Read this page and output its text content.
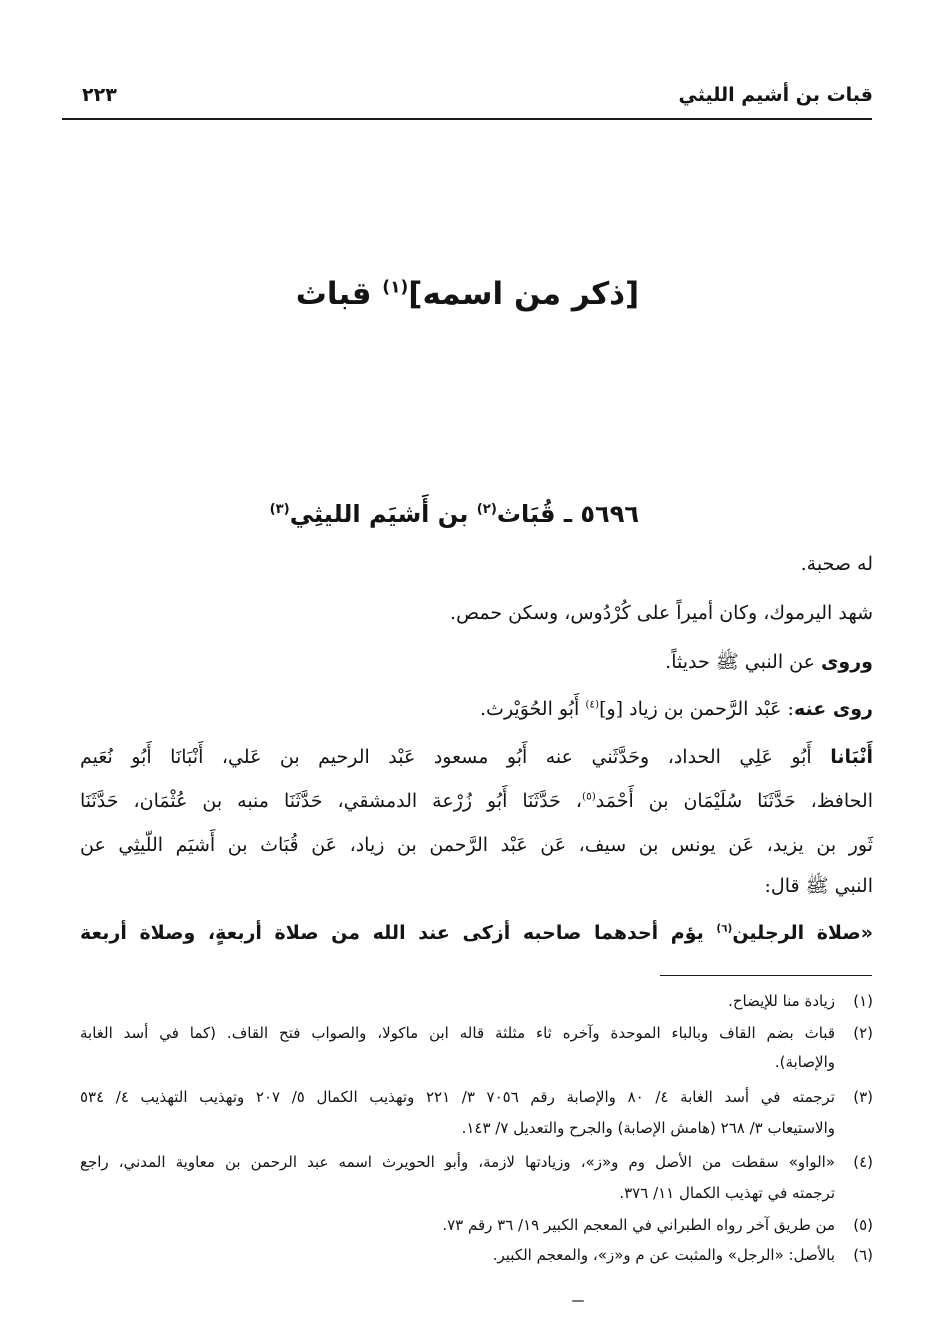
قبات بن أشيم الليثي
٢٢٣
[ذكر من اسمه]$^{(١)}$ قباث
٥٦٩٦ ـ قُبَاث$^{(٢)}$ بن أَشيَم الليثِي$^{(٣)}$
له صحبة.
شهد اليرموك، وكان أميراً على كُرْدُوس، وسكن حمص.
وروى عن النبي ﷺ حديثاً.
روى عنه: عَبْد الرَّحمن بن زياد [و]$^{(٤)}$ أَبُو الحُوَيْرث.
أَنْبَانا أَبُو عَلِي الحداد، وحَدَّثَني عنه أَبُو مسعود عَبْد الرحيم بن عَلي، أَنْبَانَا أَبُو نُعَيم
الحافظ، حَدَّثَنَا سُلَيْمَان بن أَحْمَد$^{(٥)}$، حَدَّثَنَا أَبُو زُرْعة الدمشقي، حَدَّثَنَا منبه بن عُثْمَان، حَدَّثَنَا
ثَور بن يزيد، عَن يونس بن سيف، عَن عَبْد الرَّحمن بن زياد، عَن قُبَاث بن أَشيَم اللّيثِي عن
النبي ﷺ قال:
«صلاة الرجلين$^{(٦)}$ يؤم أحدهما صاحبه أزكى عند الله من صلاة أربعةٍ، وصلاة أربعة
(١)
زيادة منا للإيضاح.
(٢)
قباث بضم القاف وبالباء الموحدة وآخره ثاء مثلثة قاله ابن ماكولا، والصواب فتح القاف. (كما في أسد الغابة
والإصابة).
(٣)
ترجمته في أسد الغابة ٤/ ٨٠ والإصابة رقم ٧٠٥٦ ٣/ ٢٢١ وتهذيب الكمال ٥/ ٢٠٧ وتهذيب التهذيب ٤/ ٥٣٤
والاستيعاب ٣/ ٢٦٨ (هامش الإصابة) والجرح والتعديل ٧/ ١٤٣.
(٤)
«الواو» سقطت من الأصل وم و«ز»، وزيادتها لازمة، وأبو الحويرث اسمه عبد الرحمن بن معاوية المدني، راجع
ترجمته في تهذيب الكمال ١١/ ٣٧٦.
(٥)
من طريق آخر رواه الطبراني في المعجم الكبير ١٩/ ٣٦ رقم ٧٣.
(٦)
بالأصل: «الرجل» والمثبت عن م و«ز»، والمعجم الكبير.
